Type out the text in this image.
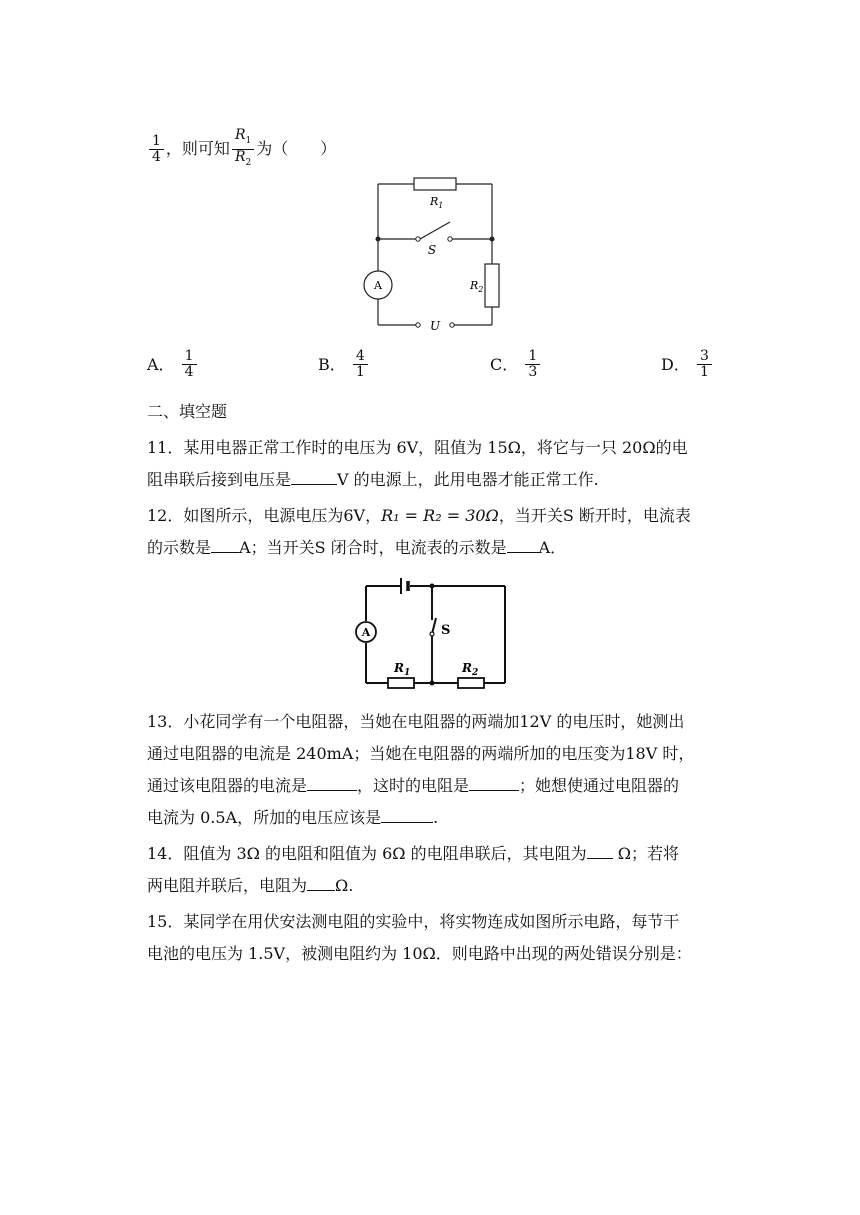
$\frac{1}{4}$ ，则可知 $\frac{R_1}{R_2}$ 为（　　）
$R_1$
S
A	$R_2$
U
A． $\frac{1}{4}$	B． $\frac{4}{1}$	C． $\frac{1}{3}$	D． $\frac{3}{1}$
二、填空题
11．某用电器正常工作时的电压为 6V，阻值为 15Ω，将它与一只 20Ω的电
阻串联后接到电压是	V 的电源上，此用电器才能正常工作.
12．如图所示，电源电压为6V，R₁ = R₂ = 30Ω，当开关S 断开时，电流表
的示数是 A；当开关S 闭合时，电流表的示数是 A．
A	S
$R_1$	$R_2$
13．小花同学有一个电阻器，当她在电阻器的两端加12V 的电压时，她测出
通过电阻器的电流是 240mA；当她在电阻器的两端所加的电压变为18V 时，
通过该电阻器的电流是	，这时的电阻是	；她想使通过电阻器的
电流为 0.5A，所加的电压应该是	.
14．阻值为 3Ω 的电阻和阻值为 6Ω 的电阻串联后，其电阻为 Ω；若将
两电阻并联后，电阻为 Ω.
15．某同学在用伏安法测电阻的实验中，将实物连成如图所示电路，每节干
电池的电压为 1.5V，被测电阻约为 10Ω．则电路中出现的两处错误分别是：
